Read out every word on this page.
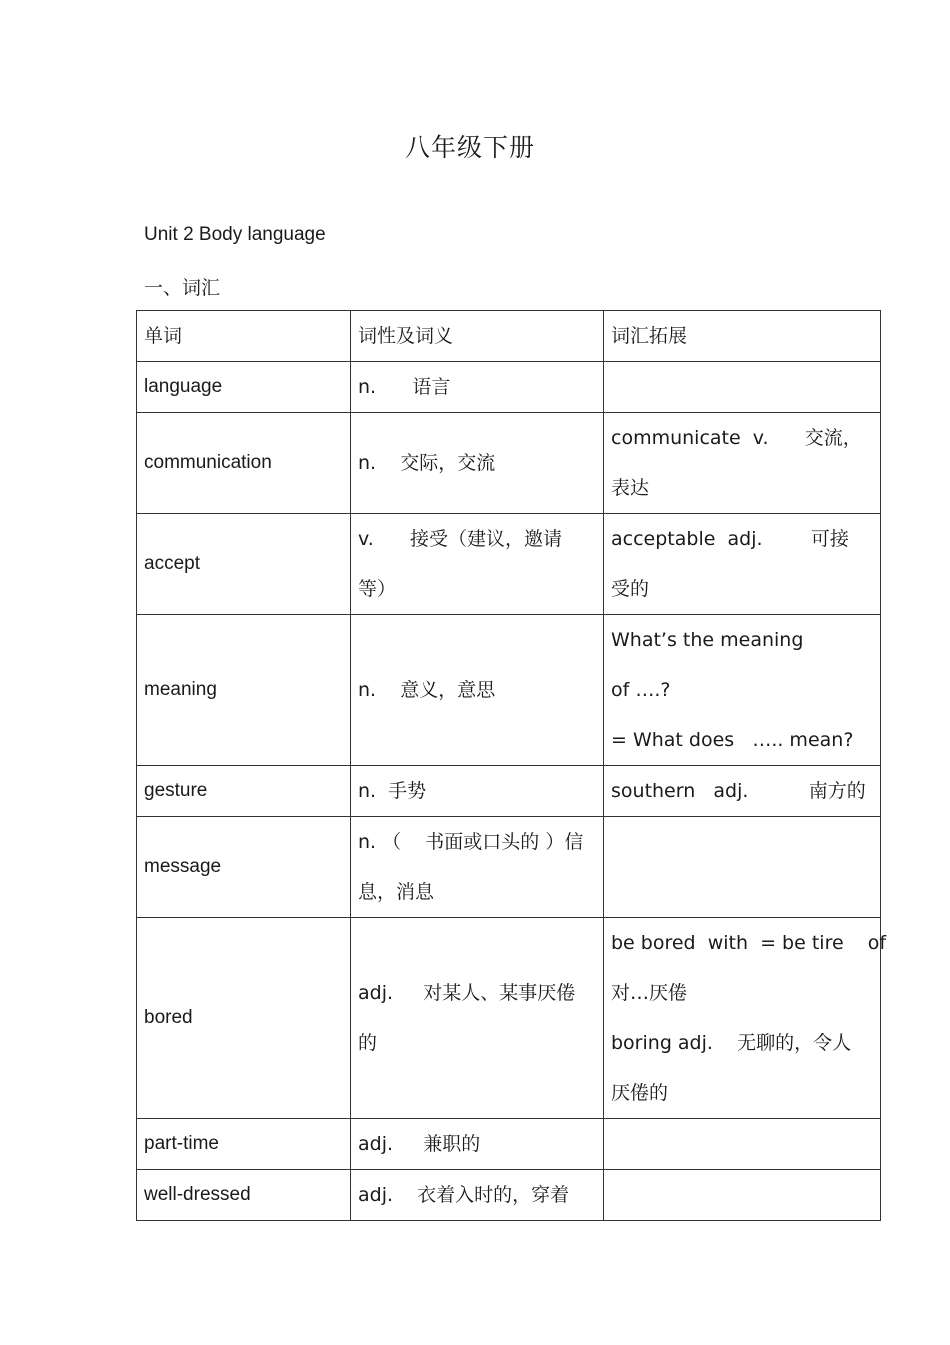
八年级下册
Unit 2 Body language
一、词汇
单词	词性及词义	词汇拓展
language	n.      语言	

communication	n.    交际，交流	communicate  v.      交流，
表达

accept	v.      接受（建议，邀请
等）	acceptable  adj.        可接
受的

meaning	n.    意义，意思	What’s the meaning
of ….?
= What does   ….. mean?

gesture	n.  手势	southern   adj.          南方的

message	n. （    书面或口头的 ）信
息，消息	

bored	adj.     对某人、某事厌倦
的	be bored  with  = be tire    of
对…厌倦
boring adj.    无聊的，令人
厌倦的

part-time	adj.     兼职的	

well-dressed	adj.    衣着入时的，穿着	
